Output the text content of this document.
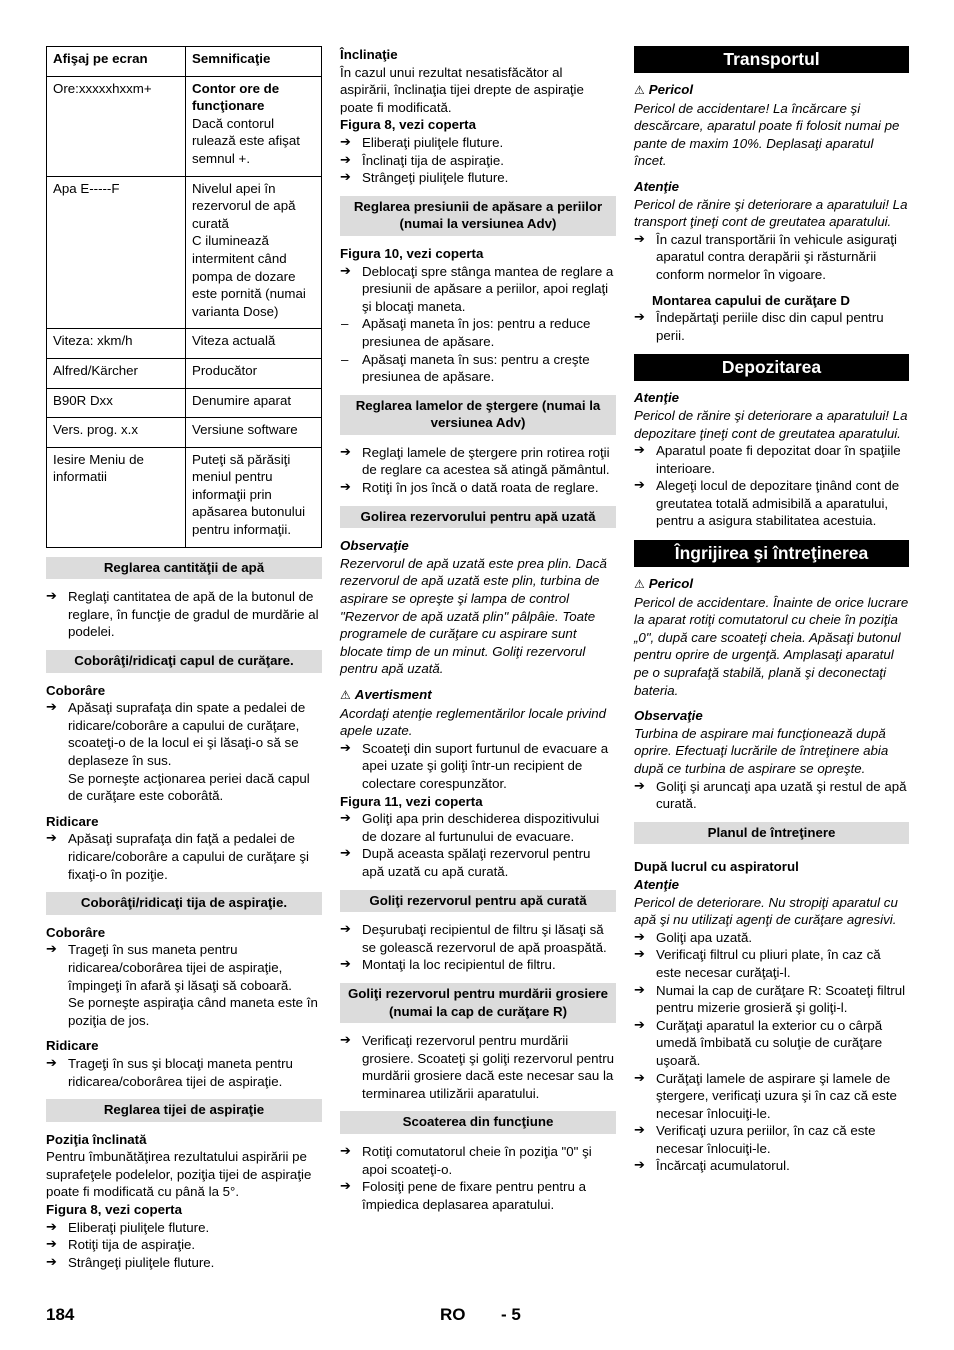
Afişaj pe ecran	Semnificaţie
Ore:xxxxxhxxm+	Contor ore de funcţionare
Dacă contorul rulează este afişat semnul +.

Apa E-----F	Nivelul apei în rezervorul de apă curată
C iluminează intermitent când pompa de dozare este pornită (numai varianta Dose)
Viteza: xkm/h	Viteza actuală
Alfred/Kärcher	Producător
B90R Dxx	Denumire aparat
Vers. prog. x.x	Versiune software
Iesire Meniu de informatii	Puteţi să părăsiţi meniul pentru informaţii prin apăsarea butonului pentru informaţii.
Reglarea cantităţii de apă

➔ Reglaţi cantitatea de apă de la butonul de reglare, în funcţie de gradul de murdărie al podelei.

Coborâţi/ridicaţi capul de curăţare.

Coborâre

➔ Apăsaţi suprafaţa din spate a pedalei de ridicare/coborâre a capului de curăţare, scoateţi-o de la locul ei şi lăsaţi-o să se deplaseze în sus.

Se porneşte acţionarea periei dacă capul de curăţare este coborâtă.

Ridicare

➔ Apăsaţi suprafaţa din faţă a pedalei de ridicare/coborâre a capului de curăţare şi fixaţi-o în poziţie.

Coborâţi/ridicaţi tija de aspiraţie.

Coborâre

➔ Trageţi în sus maneta pentru ridicarea/coborârea tijei de aspiraţie, împingeţi în afară şi lăsaţi să coboară.

Se porneşte aspiraţia când maneta este în poziţia de jos.

Ridicare

➔ Trageţi în sus şi blocaţi maneta pentru ridicarea/coborârea tijei de aspiraţie.

Reglarea tijei de aspiraţie

Poziţia înclinată

Pentru îmbunătăţirea rezultatului aspirării pe suprafeţele podelelor, poziţia tijei de aspiraţie poate fi modificată cu până la 5°.

Figura 8, vezi coperta

➔ Eliberaţi piuliţele fluture.

➔ Rotiţi tija de aspiraţie.

➔ Strângeţi piuliţele fluture.

Înclinaţie

În cazul unui rezultat nesatisfăcător al aspirării, înclinaţia tijei drepte de aspiraţie poate fi modificată.

Figura 8, vezi coperta

➔ Eliberaţi piuliţele fluture.

➔ Înclinaţi tija de aspiraţie.

➔ Strângeţi piuliţele fluture.

Reglarea presiunii de apăsare a periilor (numai la versiunea Adv)

Figura 10, vezi coperta

➔ Deblocaţi spre stânga mantea de reglare a presiunii de apăsare a periilor, apoi reglaţi şi blocaţi maneta.

– Apăsaţi maneta în jos: pentru a reduce presiunea de apăsare.

– Apăsaţi maneta în sus: pentru a creşte presiunea de apăsare.

Reglarea lamelor de ştergere (numai la versiunea Adv)

➔ Reglaţi lamele de ştergere prin rotirea roţii de reglare ca acestea să atingă pământul.

➔ Rotiţi în jos încă o dată roata de reglare.

Golirea rezervorului pentru apă uzată

Observaţie

Rezervorul de apă uzată este prea plin. Dacă rezervorul de apă uzată este plin, turbina de aspirare se opreşte şi lampa de control "Rezervor de apă uzată plin" pâlpâie. Toate programele de curăţare cu aspirare sunt blocate timp de un minut. Goliţi rezervorul pentru apă uzată.

⚠ Avertisment

Acordaţi atenţie reglementărilor locale privind apele uzate.

➔ Scoateţi din suport furtunul de evacuare a apei uzate şi goliţi într-un recipient de colectare corespunzător.

Figura 11, vezi coperta

➔ Goliţi apa prin deschiderea dispozitivului de dozare al furtunului de evacuare.

➔ După aceasta spălaţi rezervorul pentru apă uzată cu apă curată.

Goliţi rezervorul pentru apă curată

➔ Deşurubaţi recipientul de filtru şi lăsaţi să se golească rezervorul de apă proaspătă.

➔ Montaţi la loc recipientul de filtru.

Goliţi rezervorul pentru murdării grosiere (numai la cap de curăţare R)

➔ Verificaţi rezervorul pentru murdării grosiere. Scoateţi şi goliţi rezervorul pentru murdării grosiere dacă este necesar sau la terminarea utilizării aparatului.

Scoaterea din funcţiune

➔ Rotiţi comutatorul cheie în poziţia "0" şi apoi scoateţi-o.

➔ Folosiţi pene de fixare pentru pentru a împiedica deplasarea aparatului.

Transportul

⚠ Pericol

Pericol de accidentare! La încărcare şi descărcare, aparatul poate fi folosit numai pe pante de maxim 10%. Deplasaţi aparatul încet.

Atenţie

Pericol de rănire şi deteriorare a aparatului! La transport ţineţi cont de greutatea aparatului.

➔ În cazul transportării în vehicule asiguraţi aparatul contra derapării şi răsturnării conform normelor în vigoare.

Montarea capului de curăţare D

➔ Îndepărtaţi periile disc din capul pentru perii.

Depozitarea

Atenţie

Pericol de rănire şi deteriorare a aparatului! La depozitare ţineţi cont de greutatea aparatului.

➔ Aparatul poate fi depozitat doar în spaţiile interioare.

➔ Alegeţi locul de depozitare ţinând cont de greutatea totală admisibilă a aparatului, pentru a asigura stabilitatea acestuia.

Îngrijirea şi întreţinerea

⚠ Pericol

Pericol de accidentare. Înainte de orice lucrare la aparat rotiţi comutatorul cu cheie în poziţia „0", după care scoateţi cheia. Apăsaţi butonul pentru oprire de urgenţă. Amplasaţi aparatul pe o suprafaţă stabilă, plană şi deconectaţi bateria.

Observaţie

Turbina de aspirare mai funcţionează după oprire. Efectuaţi lucrările de întreţinere abia după ce turbina de aspirare se opreşte.

➔ Goliţi şi aruncaţi apa uzată şi restul de apă curată.

Planul de întreţinere

După lucrul cu aspiratorul

Atenţie

Pericol de deteriorare. Nu stropiţi aparatul cu apă şi nu utilizaţi agenţi de curăţare agresivi.

➔ Goliţi apa uzată.

➔ Verificaţi filtrul cu pliuri plate, în caz că este necesar curăţaţi-l.

➔ Numai la cap de curăţare R: Scoateţi filtrul pentru mizerie grosieră şi goliţi-l.

➔ Curăţaţi aparatul la exterior cu o cârpă umedă îmbibată cu soluţie de curăţare uşoară.

➔ Curăţaţi lamele de aspirare şi lamele de ştergere, verificaţi uzura şi în caz că este necesar înlocuiţi-le.

➔ Verificaţi uzura periilor, în caz că este necesar înlocuiţi-le.

➔ Încărcaţi acumulatorul.

184	RO - 5
